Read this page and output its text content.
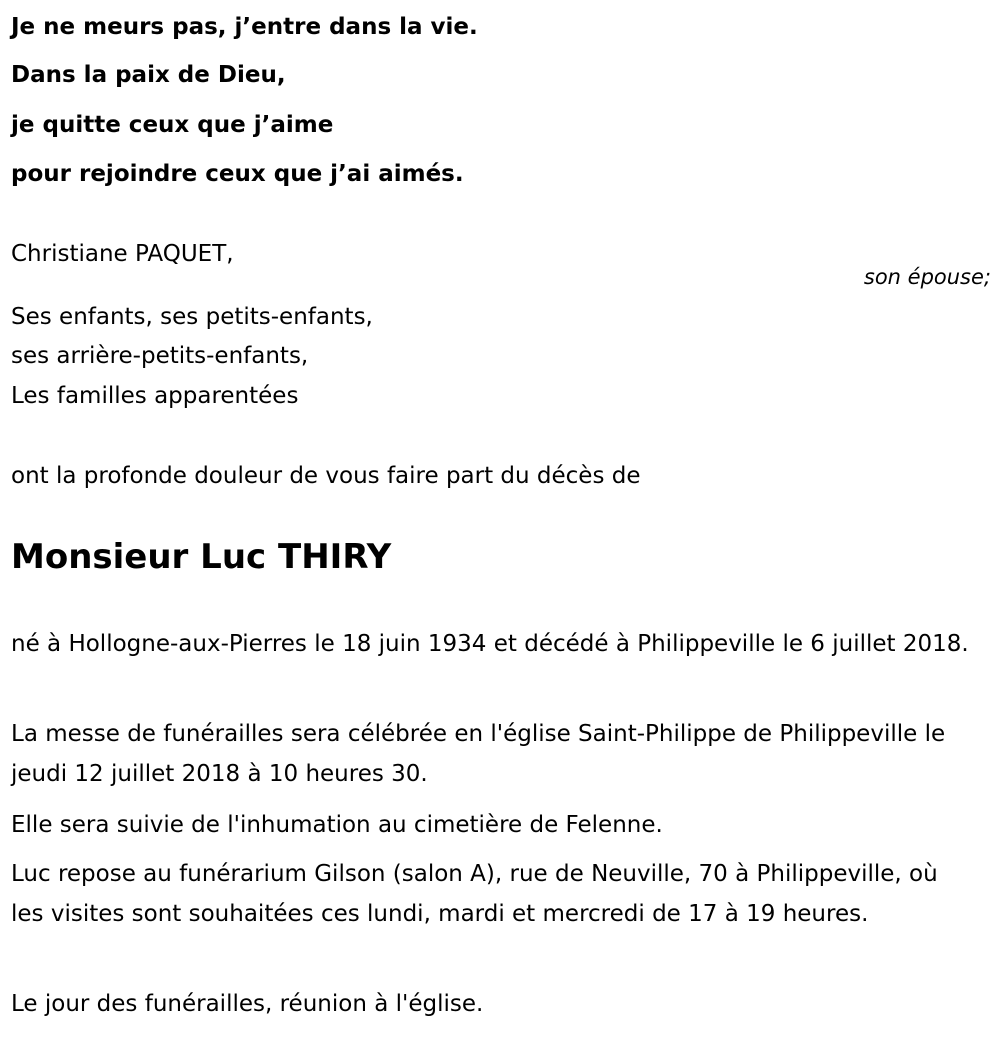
Je ne meurs pas, j’entre dans la vie.
Dans la paix de Dieu,
je quitte ceux que j’aime
pour rejoindre ceux que j’ai aimés.
Christiane PAQUET,
son épouse;
Ses enfants, ses petits-enfants,
ses arrière-petits-enfants,
Les familles apparentées
ont la profonde douleur de vous faire part du décès de
Monsieur Luc THIRY
né à Hollogne-aux-Pierres le 18 juin 1934 et décédé à Philippeville le 6 juillet 2018.
La messe de funérailles sera célébrée en l'église Saint-Philippe de Philippeville le jeudi 12 juillet 2018 à 10 heures 30.
Elle sera suivie de l'inhumation au cimetière de Felenne.
Luc repose au funérarium Gilson (salon A), rue de Neuville, 70 à Philippeville, où les visites sont souhaitées ces lundi, mardi et mercredi de 17 à 19 heures.
Le jour des funérailles, réunion à l'église.
